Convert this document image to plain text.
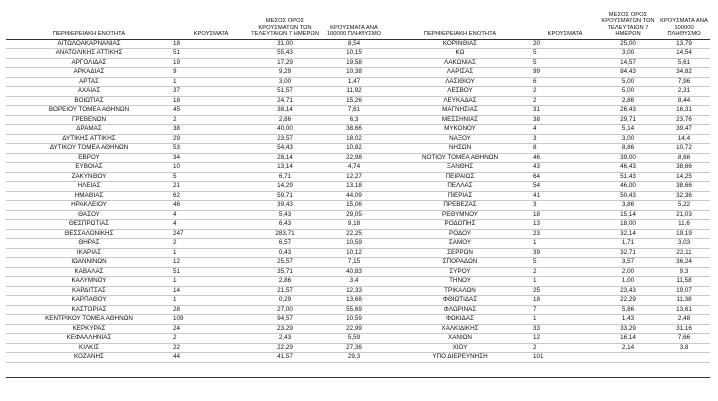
ΠΕΡΙΦΕΡΕΙΑΚΗ ΕΝΟΤΗΤΑ	ΚΡΟΥΣΜΑΤΑ	ΜΕΣΟΣ ΟΡΟΣ ΚΡΟΥΣΜΑΤΩΝ ΤΩΝ ΤΕΛΕΥΤΑΙΩΝ 7 ΗΜΕΡΩΝ	ΚΡΟΥΣΜΑΤΑ ΑΝΑ 100000 ΠΛΗΘΥΣΜΟ	ΠΕΡΙΦΕΡΕΙΑΚΗ ΕΝΟΤΗΤΑ	ΚΡΟΥΣΜΑΤΑ	ΜΕΣΟΣ ΟΡΟΣ ΚΡΟΥΣΜΑΤΩΝ ΤΩΝ ΤΕΛΕΥΤΑΙΩΝ 7 ΗΜΕΡΩΝ	ΚΡΟΥΣΜΑΤΑ ΑΝΑ 100000 ΠΛΗΘΥΣΜΟ
ΑΙΤΩΛΟΑΚΑΡΝΑΝΙΑΣ	18	31,00	8,54	ΚΟΡΙΝΘΙΑΣ	20	25,00	13,79
ΑΝΑΤΟΛΙΚΗΣ ΑΤΤΙΚΗΣ	51	55,43	10,15	ΚΩ	5	3,00	14,54
ΑΡΓΟΛΙΔΑΣ	19	17,29	19,58	ΛΑΚΩΝΙΑΣ	5	14,57	5,61
ΑΡΚΑΔΙΑΣ	9	9,29	10,38	ΛΑΡΙΣΑΣ	99	84,43	34,82
ΑΡΤΑΣ	1	3,00	1,47	ΛΑΣΙΘΙΟΥ	6	5,00	7,96
ΑΧΑΪΑΣ	37	51,57	11,92	ΛΕΣΒΟΥ	2	5,00	2,31
ΒΟΙΩΤΙΑΣ	18	24,71	15,26	ΛΕΥΚΑΔΑΣ	2	2,86	8,44
ΒΟΡΕΙΟΥ ΤΟΜΕΑ ΑΘΗΝΩΝ	45	38,14	7,61	ΜΑΓΝΗΣΙΑΣ	31	26,43	16,31
ΓΡΕΒΕΝΩΝ	2	2,86	6,3	ΜΕΣΣΗΝΙΑΣ	38	29,71	23,76
ΔΡΑΜΑΣ	38	40,00	38,66	ΜΥΚΟΝΟΥ	4	5,14	39,47
ΔΥΤΙΚΗΣ ΑΤΤΙΚΗΣ	29	23,57	18,02	ΝΑΞΟΥ	3	3,00	14,4
ΔΥΤΙΚΟΥ ΤΟΜΕΑ ΑΘΗΝΩΝ	53	54,43	10,82	ΝΗΣΩΝ	8	8,86	10,72
ΕΒΡΟΥ	34	28,14	22,98	ΝΟΤΙΟΥ ΤΟΜΕΑ ΑΘΗΝΩΝ	46	39,00	8,68
ΕΥΒΟΙΑΣ	10	13,14	4,74	ΞΑΝΘΗΣ	43	46,43	38,66
ΖΑΚΥΝΘΟΥ	5	6,71	12,27	ΠΕΙΡΑΙΩΣ	64	51,43	14,25
ΗΛΕΙΑΣ	21	14,29	13,18	ΠΕΛΛΑΣ	54	46,00	38,66
ΗΜΑΘΙΑΣ	62	59,71	44,09	ΠΙΕΡΙΑΣ	41	50,43	32,36
ΗΡΑΚΛΕΙΟΥ	46	39,43	15,06	ΠΡΕΒΕΖΑΣ	3	3,86	5,22
ΘΑΣΟΥ	4	5,43	29,05	ΡΕΘΥΜΝΟΥ	18	15,14	21,03
ΘΕΣΠΡΩΤΙΑΣ	4	6,43	9,18	ΡΟΔΟΠΗΣ	13	18,00	11,6
ΘΕΣΣΑΛΟΝΙΚΗΣ	247	283,71	22,25	ΡΟΔΟΥ	23	32,14	19,19
ΘΗΡΑΣ	2	6,57	10,59	ΣΑΜΟΥ	1	1,71	3,03
ΙΚΑΡΙΑΣ	1	0,43	10,12	ΣΕΡΡΩΝ	39	32,71	22,11
ΙΩΑΝΝΙΝΩΝ	12	25,57	7,15	ΣΠΟΡΑΔΩΝ	5	3,57	36,24
ΚΑΒΑΛΑΣ	51	35,71	40,83	ΣΥΡΟΥ	2	2,00	9,3
ΚΑΛΥΜΝΟΥ	1	2,86	3,4	ΤΗΝΟΥ	1	1,00	11,58
ΚΑΡΔΙΤΣΑΣ	14	21,57	12,33	ΤΡΙΚΑΛΩΝ	25	23,43	19,07
ΚΑΡΠΑΘΟΥ	1	0,29	13,68	ΦΘΙΩΤΙΔΑΣ	18	22,29	11,38
ΚΑΣΤΟΡΙΑΣ	28	27,00	55,69	ΦΛΩΡΙΝΑΣ	7	5,86	13,61
ΚΕΝΤΡΙΚΟΥ ΤΟΜΕΑ ΑΘΗΝΩΝ	109	94,57	10,59	ΦΩΚΙΔΑΣ	1	1,43	2,48
ΚΕΡΚΥΡΑΣ	24	23,29	22,99	ΧΑΛΚΙΔΙΚΗΣ	33	33,29	31,16
ΚΕΦΑΛΛΗΝΙΑΣ	2	2,43	5,59	ΧΑΝΙΩΝ	12	16,14	7,66
ΚΙΛΚΙΣ	22	22,29	27,36	ΧΙΟΥ	2	2,14	3,8
ΚΟΖΑΝΗΣ	44	41,57	29,3	ΥΠΟ ΔΙΕΡΕΥΝΗΣΗ	101		
